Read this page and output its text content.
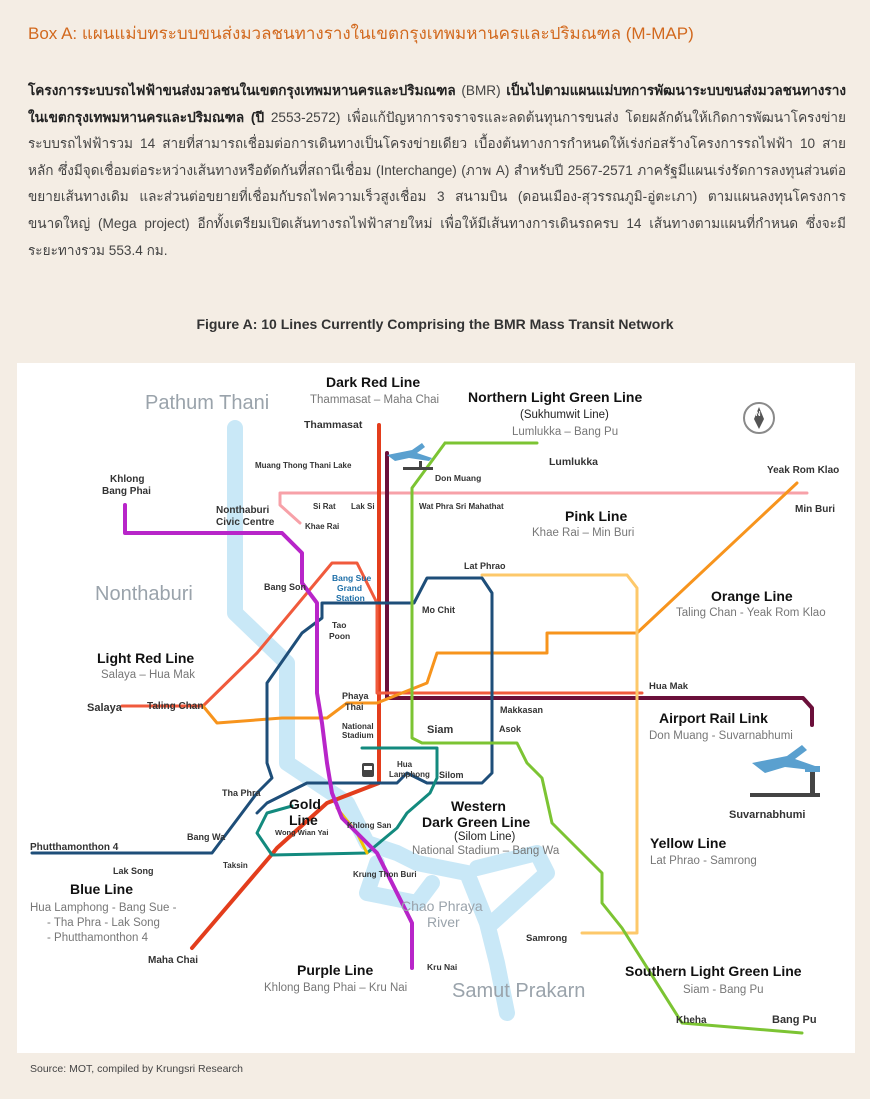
Box A: แผนแม่บทระบบขนส่งมวลชนทางรางในเขตกรุงเทพมหานครและปริมณฑล (M-MAP)
โครงการระบบรถไฟฟ้าขนส่งมวลชนในเขตกรุงเทพมหานครและปริมณฑล (BMR) เป็นไปตามแผนแม่บทการพัฒนาระบบขนส่งมวลชนทางรางในเขตกรุงเทพมหานครและปริมณฑล (ปี 2553-2572) เพื่อแก้ปัญหาการจราจรและลดต้นทุนการขนส่ง โดยผลักดันให้เกิดการพัฒนาโครงข่ายระบบรถไฟฟ้ารวม 14 สายที่สามารถเชื่อมต่อการเดินทางเป็นโครงข่ายเดียว เบื้องต้นทางการกำหนดให้เร่งก่อสร้างโครงการรถไฟฟ้า 10 สายหลัก ซึ่งมีจุดเชื่อมต่อระหว่างเส้นทางหรือตัดกันที่สถานีเชื่อม (Interchange) (ภาพ A) สำหรับปี 2567-2571 ภาครัฐมีแผนเร่งรัดการลงทุนส่วนต่อขยายเส้นทางเดิม และส่วนต่อขยายที่เชื่อมกับรถไฟความเร็วสูงเชื่อม 3 สนามบิน (ดอนเมือง-สุวรรณภูมิ-อู่ตะเภา) ตามแผนลงทุนโครงการขนาดใหญ่ (Mega project) อีกทั้งเตรียมเปิดเส้นทางรถไฟฟ้าสายใหม่ เพื่อให้มีเส้นทางการเดินรถครบ 14 เส้นทางตามแผนที่กำหนด ซึ่งจะมีระยะทางรวม 553.4 กม.
Figure A: 10 Lines Currently Comprising the BMR Mass Transit Network
Pathum Thani
Nonthaburi
Samut Prakarn
Chao Phraya
River
Dark Red Line
Thammasat – Maha Chai Northern Light Green Line
(Sukhumwit Line)
Lumlukka – Bang Pu
Pink Line
Khae Rai – Min Buri
Orange Line
Taling Chan - Yeak Rom Klao
Light Red Line
Salaya – Hua Mak
Airport Rail Link
Don Muang - Suvarnabhumi
Gold
Line
Western
Dark Green Line
(Silom Line)
National Stadium – Bang Wa
Blue Line
Hua Lamphong - Bang Sue -
- Tha Phra - Lak Song
- Phutthamonthon 4
Yellow Line
Lat Phrao - Samrong
Purple Line
Khlong Bang Phai – Kru Nai
Southern Light Green Line
Siam - Bang Pu
Thammasat
Lumlukka
Don Muang
Muang Thong Thani Lake
Khlong
Bang Phai
Nonthaburi
Civic Centre
Si Rat Lak Si	Wat Phra Sri Mahathat
Khae Rai
Yeak Rom Klao
Min Buri
Bang Son
Bang Sue
Grand
Station
Lat Phrao
Mo Chit
Tao
Poon
Salaya	Taling Chan
Phaya
Thai
Hua Mak
Makkasan
National
Stadium	Siam	Asok
Hua
Lamphong Silom
Tha Phra
Bang Wa	Wong Wian Yai
Khlong San
Phutthamonthon 4
Lak Song
Taksin
Krung Thon Buri
Suvarnabhumi
Samrong
Maha Chai
Kru Nai
Kheha	Bang Pu
N
Source: MOT, compiled by Krungsri Research
